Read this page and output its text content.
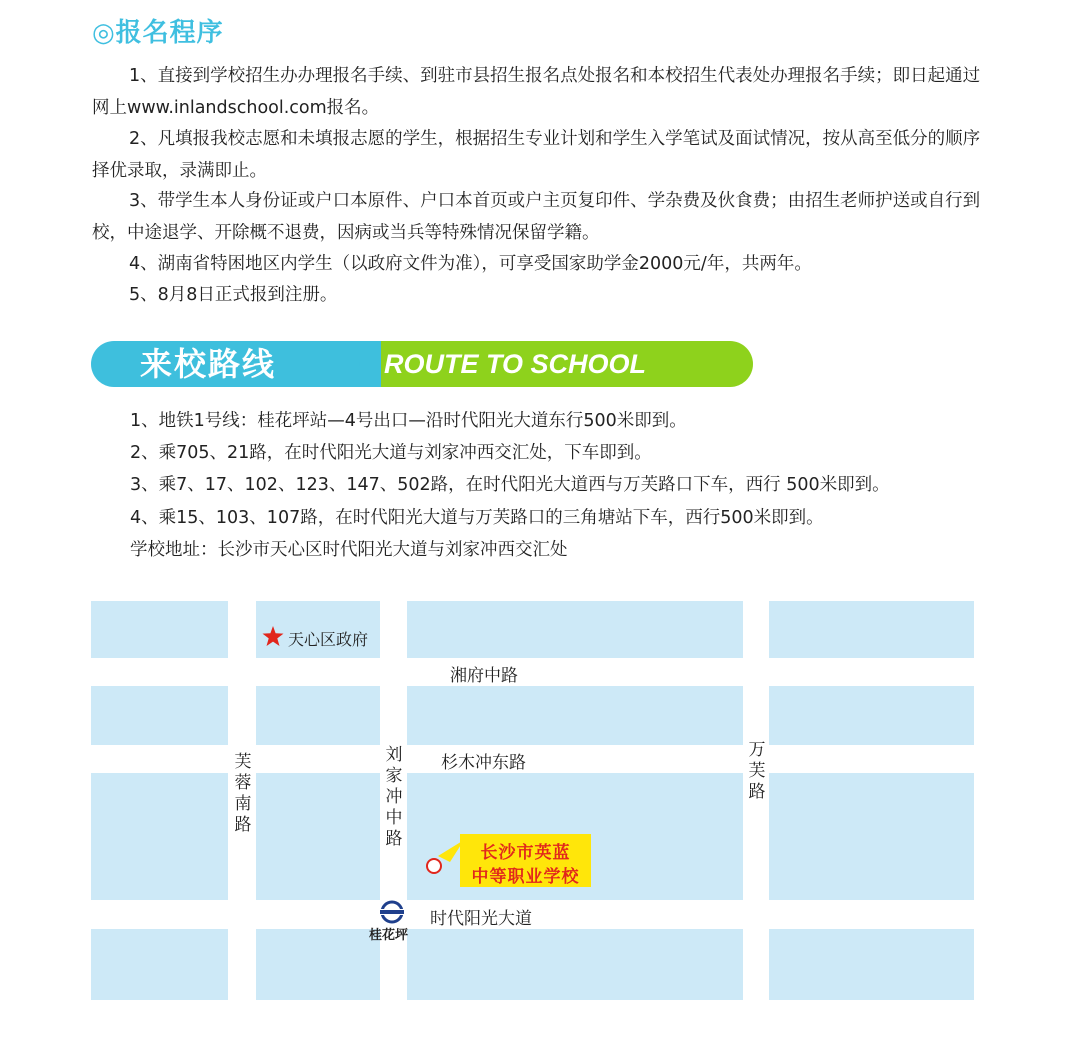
◎报名程序
1、直接到学校招生办办理报名手续、到驻市县招生报名点处报名和本校招生代表处办理报名手续；即日起通过网上www.inlandschool.com报名。
2、凡填报我校志愿和未填报志愿的学生，根据招生专业计划和学生入学笔试及面试情况，按从高至低分的顺序择优录取，录满即止。
3、带学生本人身份证或户口本原件、户口本首页或户主页复印件、学杂费及伙食费；由招生老师护送或自行到校，中途退学、开除概不退费，因病或当兵等特殊情况保留学籍。
4、湖南省特困地区内学生（以政府文件为准），可享受国家助学金2000元/年，共两年。
5、8月8日正式报到注册。
来校路线	ROUTE TO SCHOOL
1、地铁1号线：桂花坪站—4号出口—沿时代阳光大道东行500米即到。
2、乘705、21路，在时代阳光大道与刘家冲西交汇处，下车即到。
3、乘7、17、102、123、147、502路，在时代阳光大道西与万芙路口下车，西行 500米即到。
4、乘15、103、107路，在时代阳光大道与万芙路口的三角塘站下车，西行500米即到。
学校地址：长沙市天心区时代阳光大道与刘家冲西交汇处
天心区政府
湘府中路
杉木冲东路
芙蓉南路
刘家冲中路
万芙路
时代阳光大道
桂花坪
长沙市英蓝
中等职业学校
